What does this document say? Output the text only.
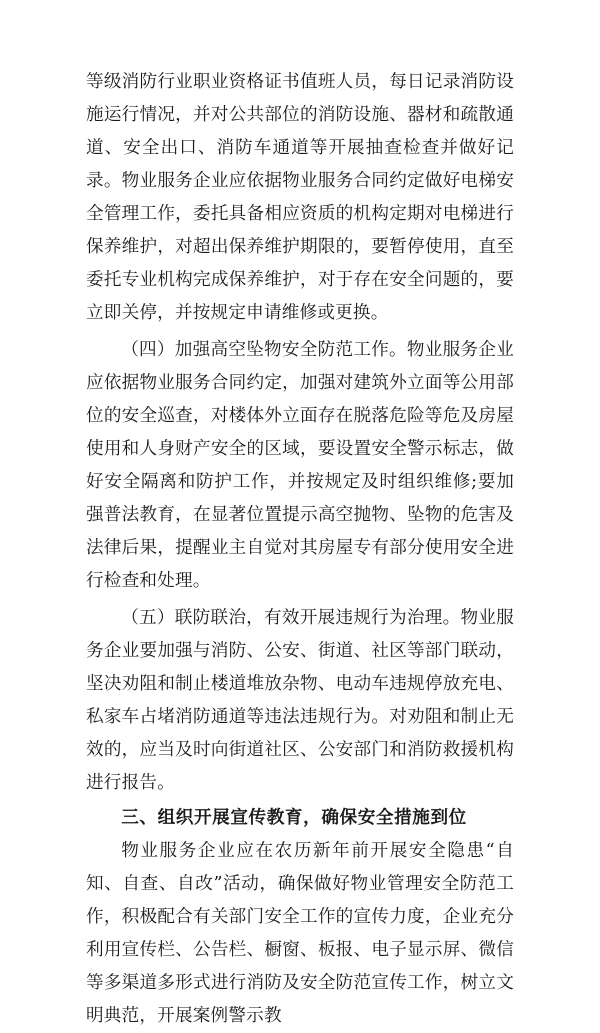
等级消防行业职业资格证书值班人员，每日记录消防设施运行情况，并对公共部位的消防设施、器材和疏散通道、安全出口、消防车通道等开展抽查检查并做好记录。物业服务企业应依据物业服务合同约定做好电梯安全管理工作，委托具备相应资质的机构定期对电梯进行保养维护，对超出保养维护期限的，要暂停使用，直至委托专业机构完成保养维护，对于存在安全问题的，要立即关停，并按规定申请维修或更换。

（四）加强高空坠物安全防范工作。物业服务企业应依据物业服务合同约定，加强对建筑外立面等公用部位的安全巡查，对楼体外立面存在脱落危险等危及房屋使用和人身财产安全的区域，要设置安全警示标志，做好安全隔离和防护工作，并按规定及时组织维修;要加强普法教育，在显著位置提示高空抛物、坠物的危害及法律后果，提醒业主自觉对其房屋专有部分使用安全进行检查和处理。

（五）联防联治，有效开展违规行为治理。物业服务企业要加强与消防、公安、街道、社区等部门联动，坚决劝阻和制止楼道堆放杂物、电动车违规停放充电、私家车占堵消防通道等违法违规行为。对劝阻和制止无效的，应当及时向街道社区、公安部门和消防救援机构进行报告。

三、组织开展宣传教育，确保安全措施到位

物业服务企业应在农历新年前开展安全隐患“自知、自查、自改”活动，确保做好物业管理安全防范工作，积极配合有关部门安全工作的宣传力度，企业充分利用宣传栏、公告栏、橱窗、板报、电子显示屏、微信等多渠道多形式进行消防及安全防范宣传工作，树立文明典范，开展案例警示教
